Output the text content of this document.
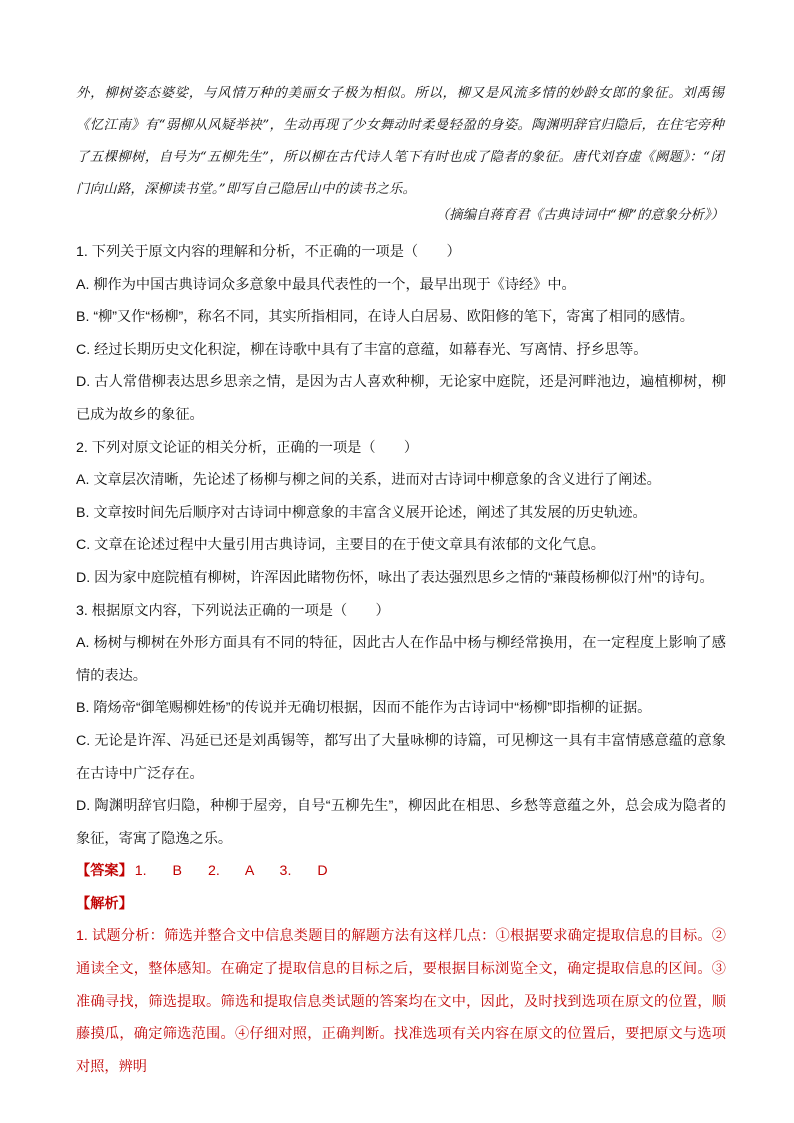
外，柳树姿态婆娑，与风情万种的美丽女子极为相似。所以，柳又是风流多情的妙龄女郎的象征。刘禹锡《忆江南》有“弱柳从风疑举袂”，生动再现了少女舞动时柔曼轻盈的身姿。陶渊明辞官归隐后，在住宅旁种了五棵柳树，自号为“五柳先生”，所以柳在古代诗人笔下有时也成了隐者的象征。唐代刘昚虚《阙题》：“闭门向山路，深柳读书堂。”即写自己隐居山中的读书之乐。
（摘编自蒋育君《古典诗词中“柳”的意象分析》）
1. 下列关于原文内容的理解和分析，不正确的一项是（　　）
A. 柳作为中国古典诗词众多意象中最具代表性的一个，最早出现于《诗经》中。
B. “柳”又作“杨柳”，称名不同，其实所指相同，在诗人白居易、欧阳修的笔下，寄寓了相同的感情。
C. 经过长期历史文化积淀，柳在诗歌中具有了丰富的意蕴，如幕春光、写离情、抒乡思等。
D. 古人常借柳表达思乡思亲之情，是因为古人喜欢种柳，无论家中庭院，还是河畔池边，遍植柳树，柳已成为故乡的象征。
2. 下列对原文论证的相关分析，正确的一项是（　　）
A. 文章层次清晰，先论述了杨柳与柳之间的关系，进而对古诗词中柳意象的含义进行了阐述。
B. 文章按时间先后顺序对古诗词中柳意象的丰富含义展开论述，阐述了其发展的历史轨迹。
C. 文章在论述过程中大量引用古典诗词，主要目的在于使文章具有浓郁的文化气息。
D. 因为家中庭院植有柳树，许浑因此睹物伤怀，咏出了表达强烈思乡之情的“蒹葭杨柳似汀州”的诗句。
3. 根据原文内容，下列说法正确的一项是（　　）
A. 杨树与柳树在外形方面具有不同的特征，因此古人在作品中杨与柳经常换用，在一定程度上影响了感情的表达。
B. 隋炀帝“御笔赐柳姓杨”的传说并无确切根据，因而不能作为古诗词中“杨柳”即指柳的证据。
C. 无论是许浑、冯延已还是刘禹锡等，都写出了大量咏柳的诗篇，可见柳这一具有丰富情感意蕴的意象在古诗中广泛存在。
D. 陶渊明辞官归隐，种柳于屋旁，自号“五柳先生”，柳因此在相思、乡愁等意蕴之外，总会成为隐者的象征，寄寓了隐逸之乐。
【答案】 1. B 2. A 3. D
【解析】
1. 试题分析：筛选并整合文中信息类题目的解题方法有这样几点：①根据要求确定提取信息的目标。②通读全文，整体感知。在确定了提取信息的目标之后，要根据目标浏览全文，确定提取信息的区间。③准确寻找，筛选提取。筛选和提取信息类试题的答案均在文中，因此，及时找到选项在原文的位置，顺藤摸瓜，确定筛选范围。④仔细对照，正确判断。找准选项有关内容在原文的位置后，要把原文与选项对照，辨明
